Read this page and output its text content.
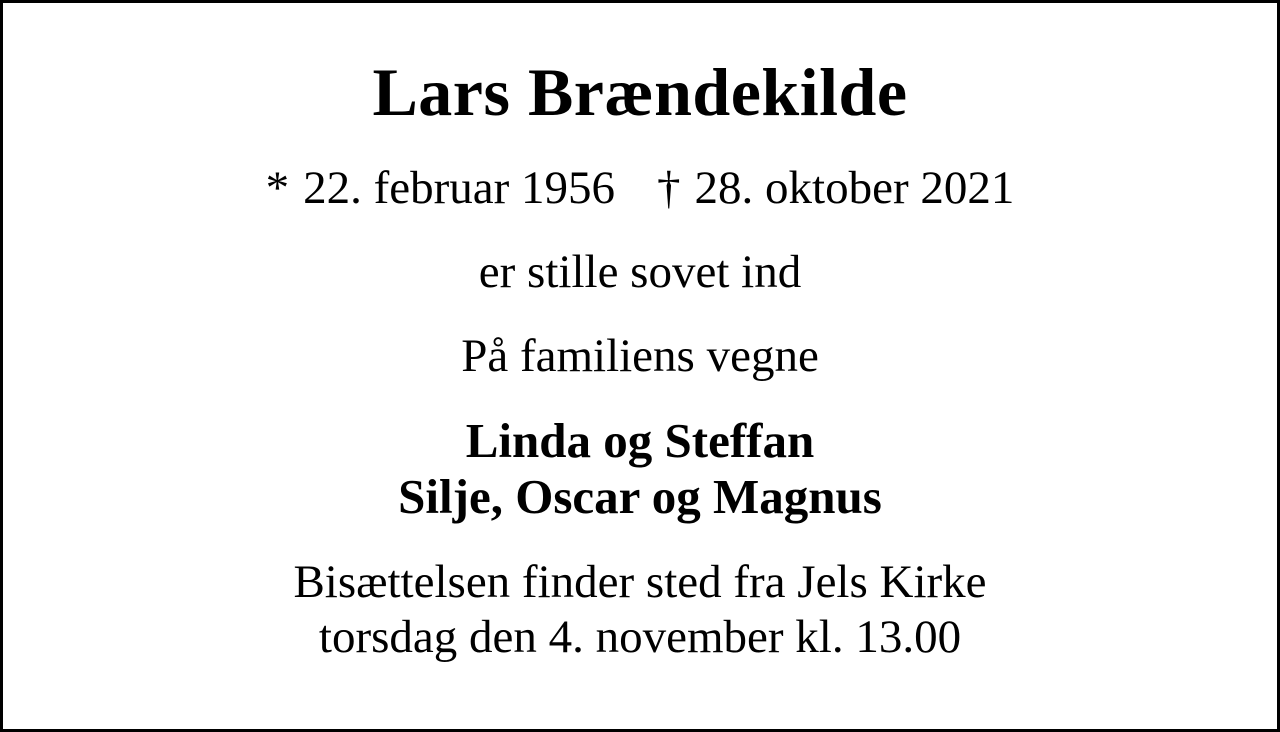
Lars Brændekilde
* 22. februar 1956 † 28. oktober 2021

er stille sovet ind

På familiens vegne

Linda og Steffan
Silje, Oscar og Magnus
Bisættelsen finder sted fra Jels Kirke
torsdag den 4. november kl. 13.00
